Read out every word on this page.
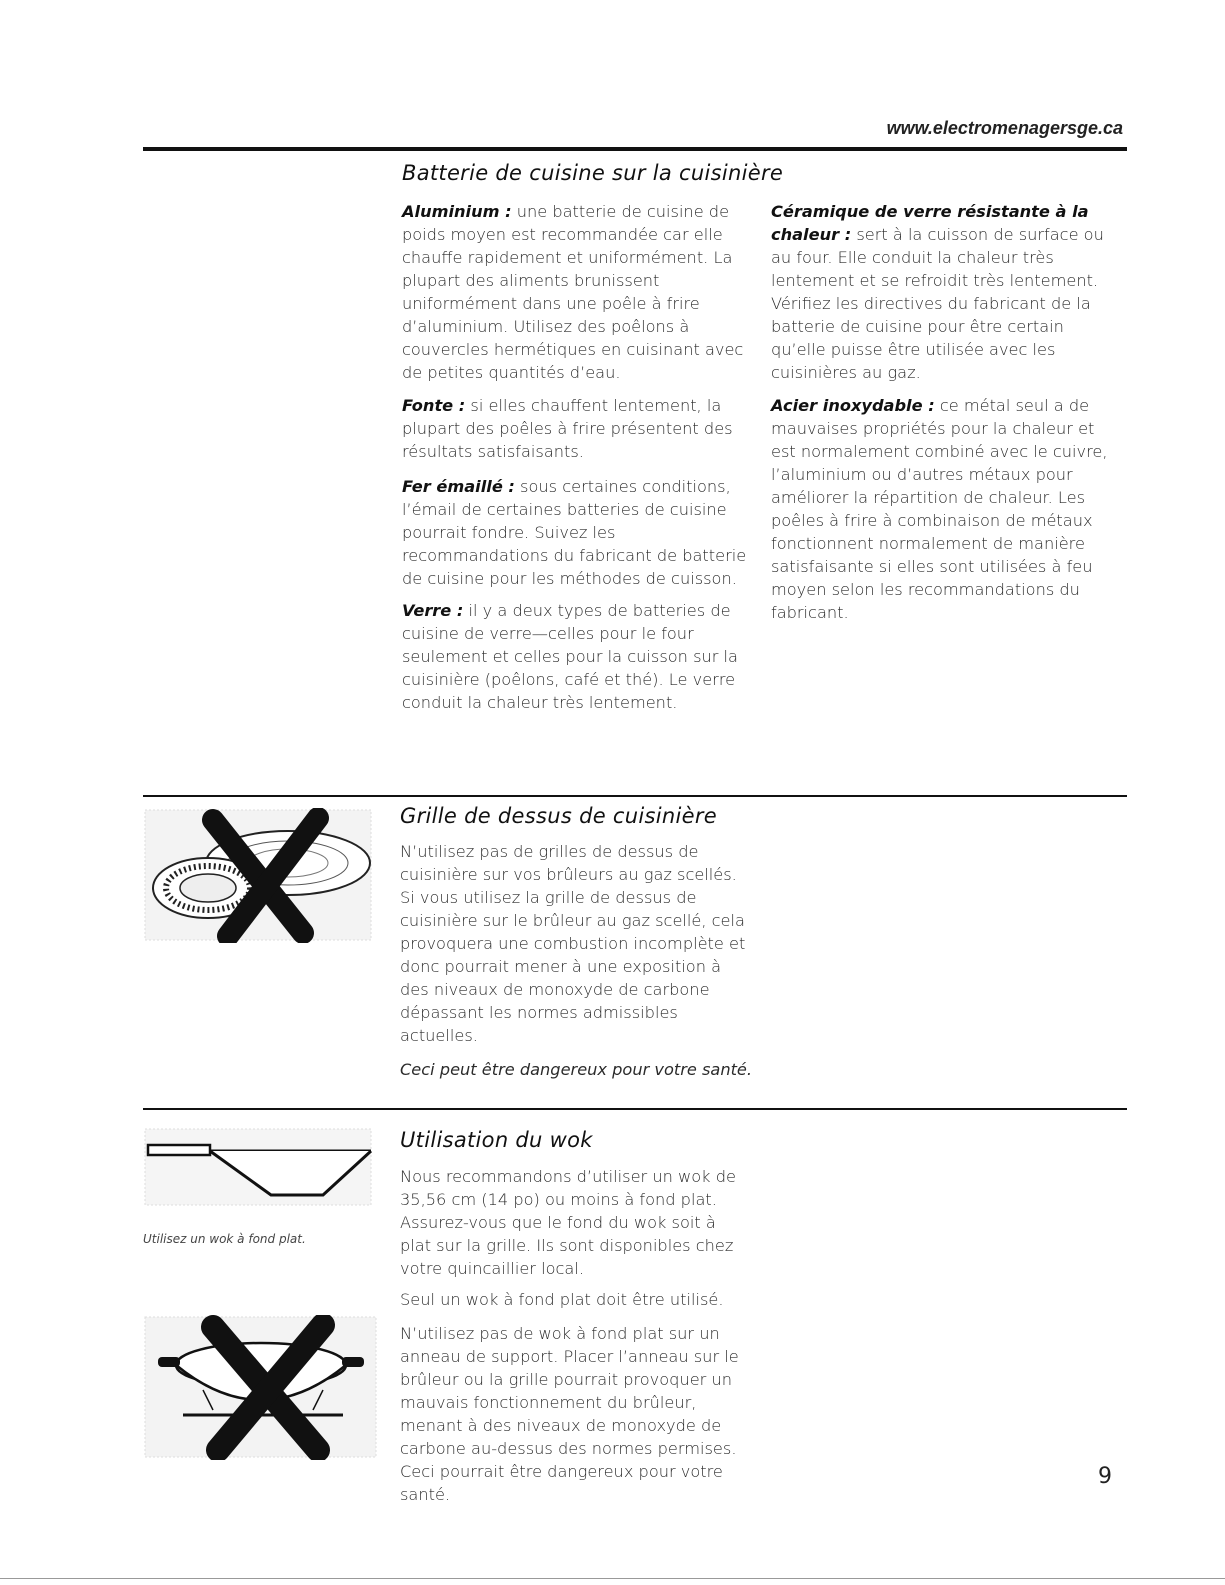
www.electromenagersge.ca
Batterie de cuisine sur la cuisinière

Aluminium : une batterie de cuisine de poids moyen est recommandée car elle chauffe rapidement et uniformément. La plupart des aliments brunissent uniformément dans une poêle à frire d’aluminium. Utilisez des poêlons à couvercles hermétiques en cuisinant avec de petites quantités d’eau.

Fonte : si elles chauffent lentement, la plupart des poêles à frire présentent des résultats satisfaisants.

Fer émaillé : sous certaines conditions, l’émail de certaines batteries de cuisine pourrait fondre. Suivez les recommandations du fabricant de batterie de cuisine pour les méthodes de cuisson.

Verre : il y a deux types de batteries de cuisine de verre—celles pour le four seulement et celles pour la cuisson sur la cuisinière (poêlons, café et thé). Le verre conduit la chaleur très lentement.

Céramique de verre résistante à la chaleur : sert à la cuisson de surface ou au four. Elle conduit la chaleur très lentement et se refroidit très lentement. Vérifiez les directives du fabricant de la batterie de cuisine pour être certain qu’elle puisse être utilisée avec les cuisinières au gaz.

Acier inoxydable : ce métal seul a de mauvaises propriétés pour la chaleur et est normalement combiné avec le cuivre, l’aluminium ou d’autres métaux pour améliorer la répartition de chaleur. Les poêles à frire à combinaison de métaux fonctionnent normalement de manière satisfaisante si elles sont utilisées à feu moyen selon les recommandations du fabricant.

Grille de dessus de cuisinière

N’utilisez pas de grilles de dessus de cuisinière sur vos brûleurs au gaz scellés. Si vous utilisez la grille de dessus de cuisinière sur le brûleur au gaz scellé, cela provoquera une combustion incomplète et donc pourrait mener à une exposition à des niveaux de monoxyde de carbone dépassant les normes admissibles actuelles.

Ceci peut être dangereux pour votre santé.

Utilisez un wok à fond plat.
Utilisation du wok

Nous recommandons d’utiliser un wok de 35,56 cm (14 po) ou moins à fond plat. Assurez-vous que le fond du wok soit à plat sur la grille. Ils sont disponibles chez votre quincaillier local.

Seul un wok à fond plat doit être utilisé.

N’utilisez pas de wok à fond plat sur un anneau de support. Placer l’anneau sur le brûleur ou la grille pourrait provoquer un mauvais fonctionnement du brûleur, menant à des niveaux de monoxyde de carbone au-dessus des normes permises. Ceci pourrait être dangereux pour votre santé.

9
